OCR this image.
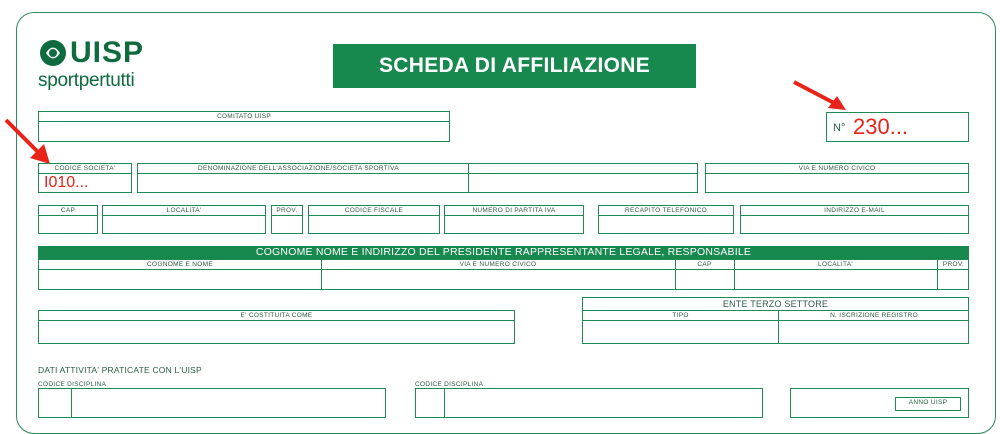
UISP
sportpertutti
SCHEDA DI AFFILIAZIONE
COMITATO UISP
N° 230...
CODICE SOCIETA'
I010...
DENOMINAZIONE DELL'ASSOCIAZIONE/SOCIETA SPORTIVA	VIA E NUMERO CIVICO
CAP	LOCALITA'	PROV.	CODICE FISCALE	NUMERO DI PARTITA IVA	RECAPITO TELEFONICO	INDIRIZZO E-MAIL
COGNOME NOME E INDIRIZZO DEL PRESIDENTE RAPPRESENTANTE LEGALE, RESPONSABILE
COGNOME E NOME	VIA E NUMERO CIVICO	CAP	LOCALITA'	PROV.
E' COSTITUITA COME
ENTE TERZO SETTORE
TIPO	N. ISCRIZIONE REGISTRO
DATI ATTIVITA' PRATICATE CON L'UISP
CODICE DISCIPLINA	CODICE DISCIPLINA
ANNO UISP
